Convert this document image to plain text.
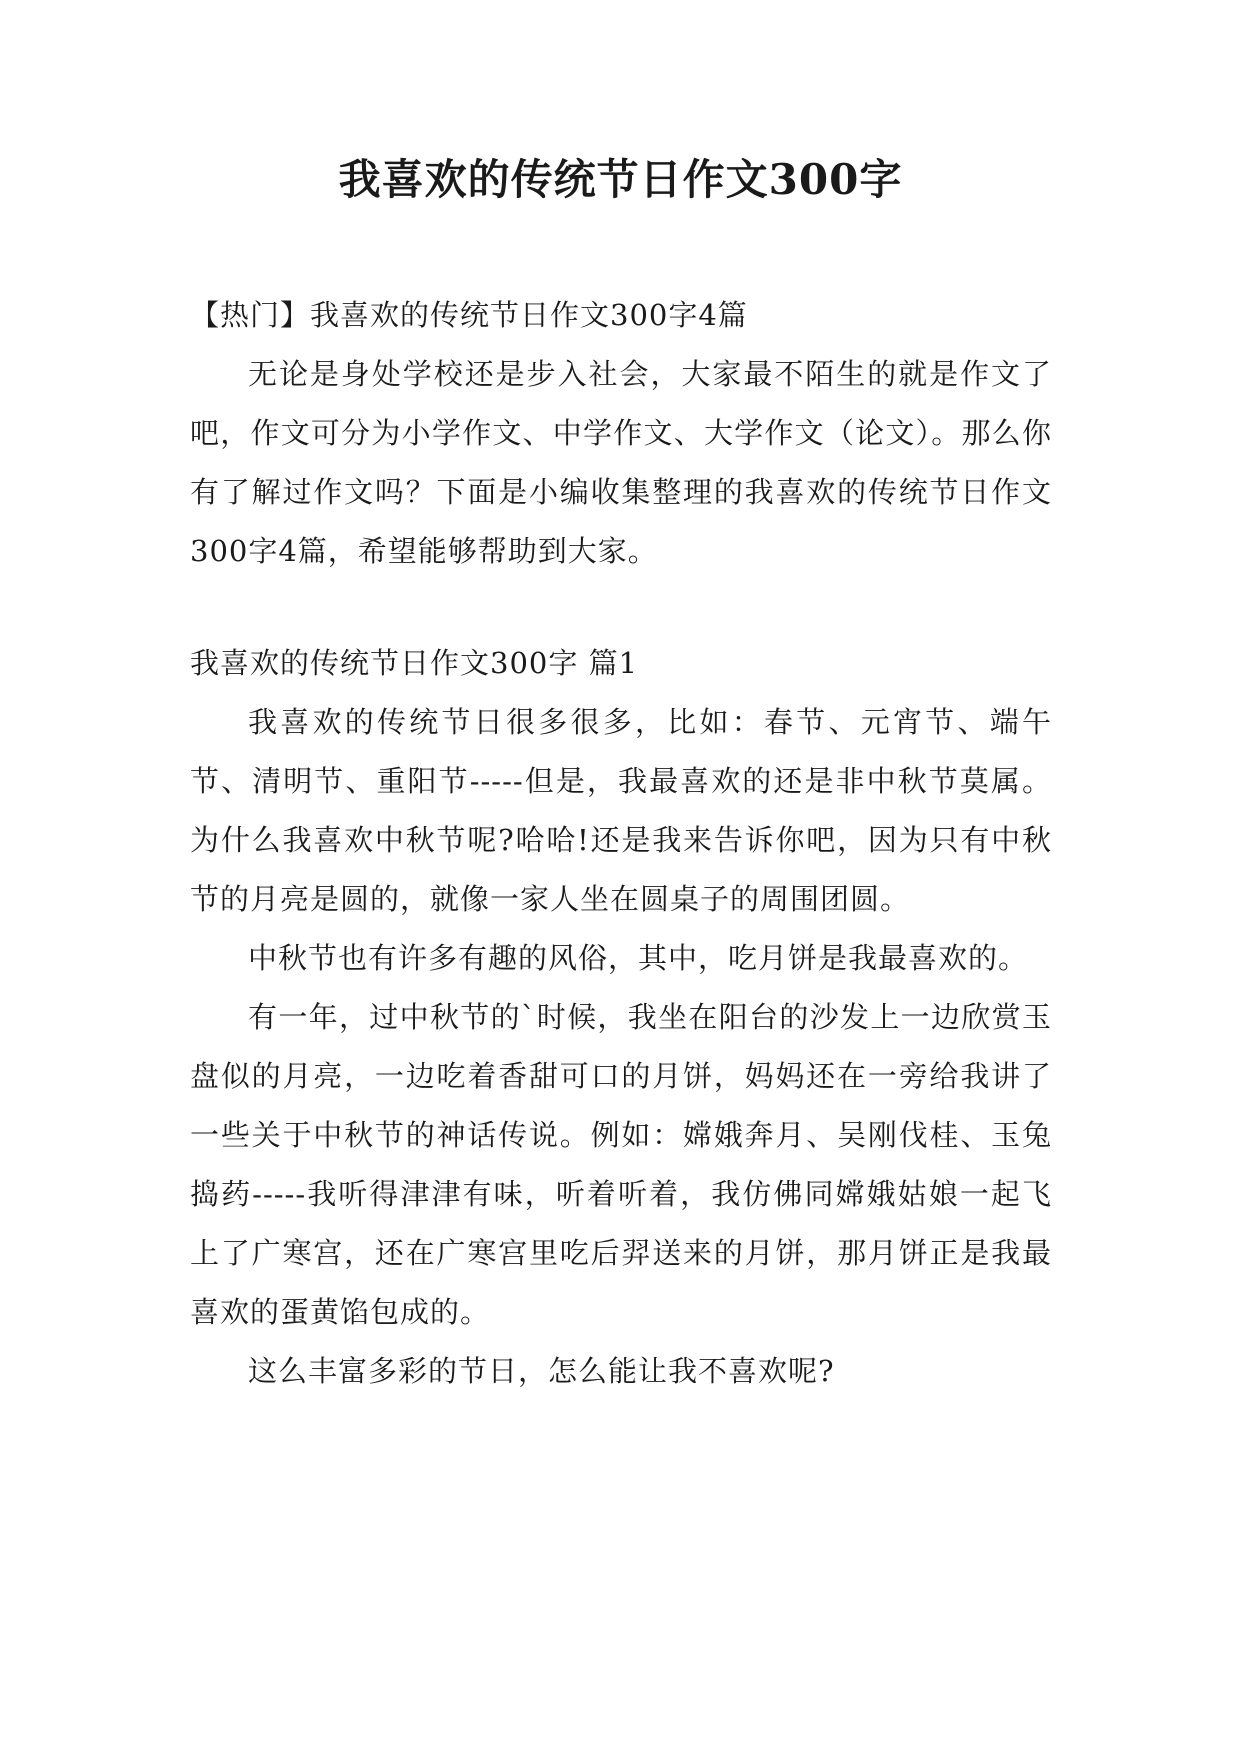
我喜欢的传统节日作文300字

【热门】我喜欢的传统节日作文300字4篇

无论是身处学校还是步入社会，大家最不陌生的就是作文了吧，作文可分为小学作文、中学作文、大学作文（论文）。那么你有了解过作文吗？下面是小编收集整理的我喜欢的传统节日作文300字4篇，希望能够帮助到大家。

我喜欢的传统节日作文300字 篇1

我喜欢的传统节日很多很多，比如：春节、元宵节、端午节、清明节、重阳节-----但是，我最喜欢的还是非中秋节莫属。为什么我喜欢中秋节呢?哈哈!还是我来告诉你吧，因为只有中秋节的月亮是圆的，就像一家人坐在圆桌子的周围团圆。

中秋节也有许多有趣的风俗，其中，吃月饼是我最喜欢的。

有一年，过中秋节的`时候，我坐在阳台的沙发上一边欣赏玉盘似的月亮，一边吃着香甜可口的月饼，妈妈还在一旁给我讲了一些关于中秋节的神话传说。例如：嫦娥奔月、吴刚伐桂、玉兔捣药-----我听得津津有味，听着听着，我仿佛同嫦娥姑娘一起飞上了广寒宫，还在广寒宫里吃后羿送来的月饼，那月饼正是我最喜欢的蛋黄馅包成的。

这么丰富多彩的节日，怎么能让我不喜欢呢?
